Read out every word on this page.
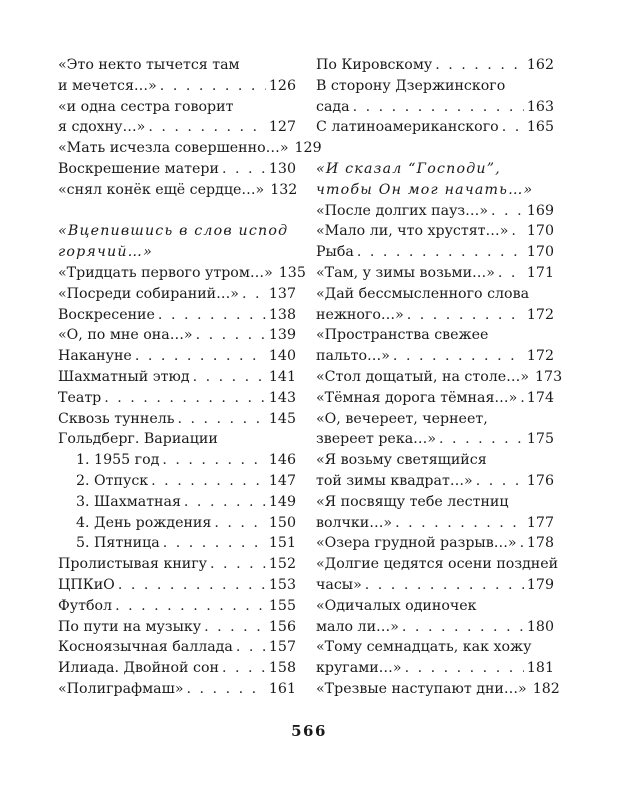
«Это некто тычется там
и мечется…» . . .	126
«и одна сестра говорит
я сдохну…» . . .	127
«Мать исчезла совершенно…» 129
Воскрешение матери . . .	130
«снял конёк ещё сердце…» 132
«Вцепившись в слов испод
горячий…»
«Тридцать первого утром…» 135
«Посреди собираний…» . . . 137
Воскресение . . .	138
«О, по мне она…» . . .	139
Накануне . . .	140
Шахматный этюд . . .	141
Театр . . .	143
Сквозь туннель . . .	145
Гольдберг. Вариации
1. 1955 год . . .	146
2. Отпуск . . .	147
3. Шахматная . . .	149
4. День рождения . . .	150
5. Пятница . . .	151
Пролистывая книгу . . .	152
ЦПКиО . . .	153
Футбол . . .	155
По пути на музыку . . .	156
Косноязычная баллада . . .	157
Илиада. Двойной сон . . .	158
«Полиграфмаш» . . .	161
По Кировскому . . .	162
В сторону Дзержинского
сада . . .	163
С латиноамериканского . . . 165
«И сказал “Господи”,
чтобы Он мог начать…»
«После долгих пауз…» . . .	169
«Мало ли, что хрустят…» . . . 170
Рыба . . .	170
«Там, у зимы возьми…» . . . 171
«Дай бессмысленного слова
нежного…» . . .	172
«Пространства свежее
пальто…» . . .	172
«Стол дощатый, на столе…» 173
«Тёмная дорога тёмная…» . . . 174
«О, вечереет, чернеет,
звереет река…» . . .	175
«Я возьму светящийся
той зимы квадрат…» . . .	176
«Я посвящу тебе лестниц
волчки…» . . .	177
«Озера грудной разрыв…» . . . 178
«Долгие цедятся осени поздней
часы» . . .	179
«Одичалых одиночек
мало ли…» . . .	180
«Тому семнадцать, как хожу
кругами…» . . .	181
«Трезвые наступают дни…» 182
566
